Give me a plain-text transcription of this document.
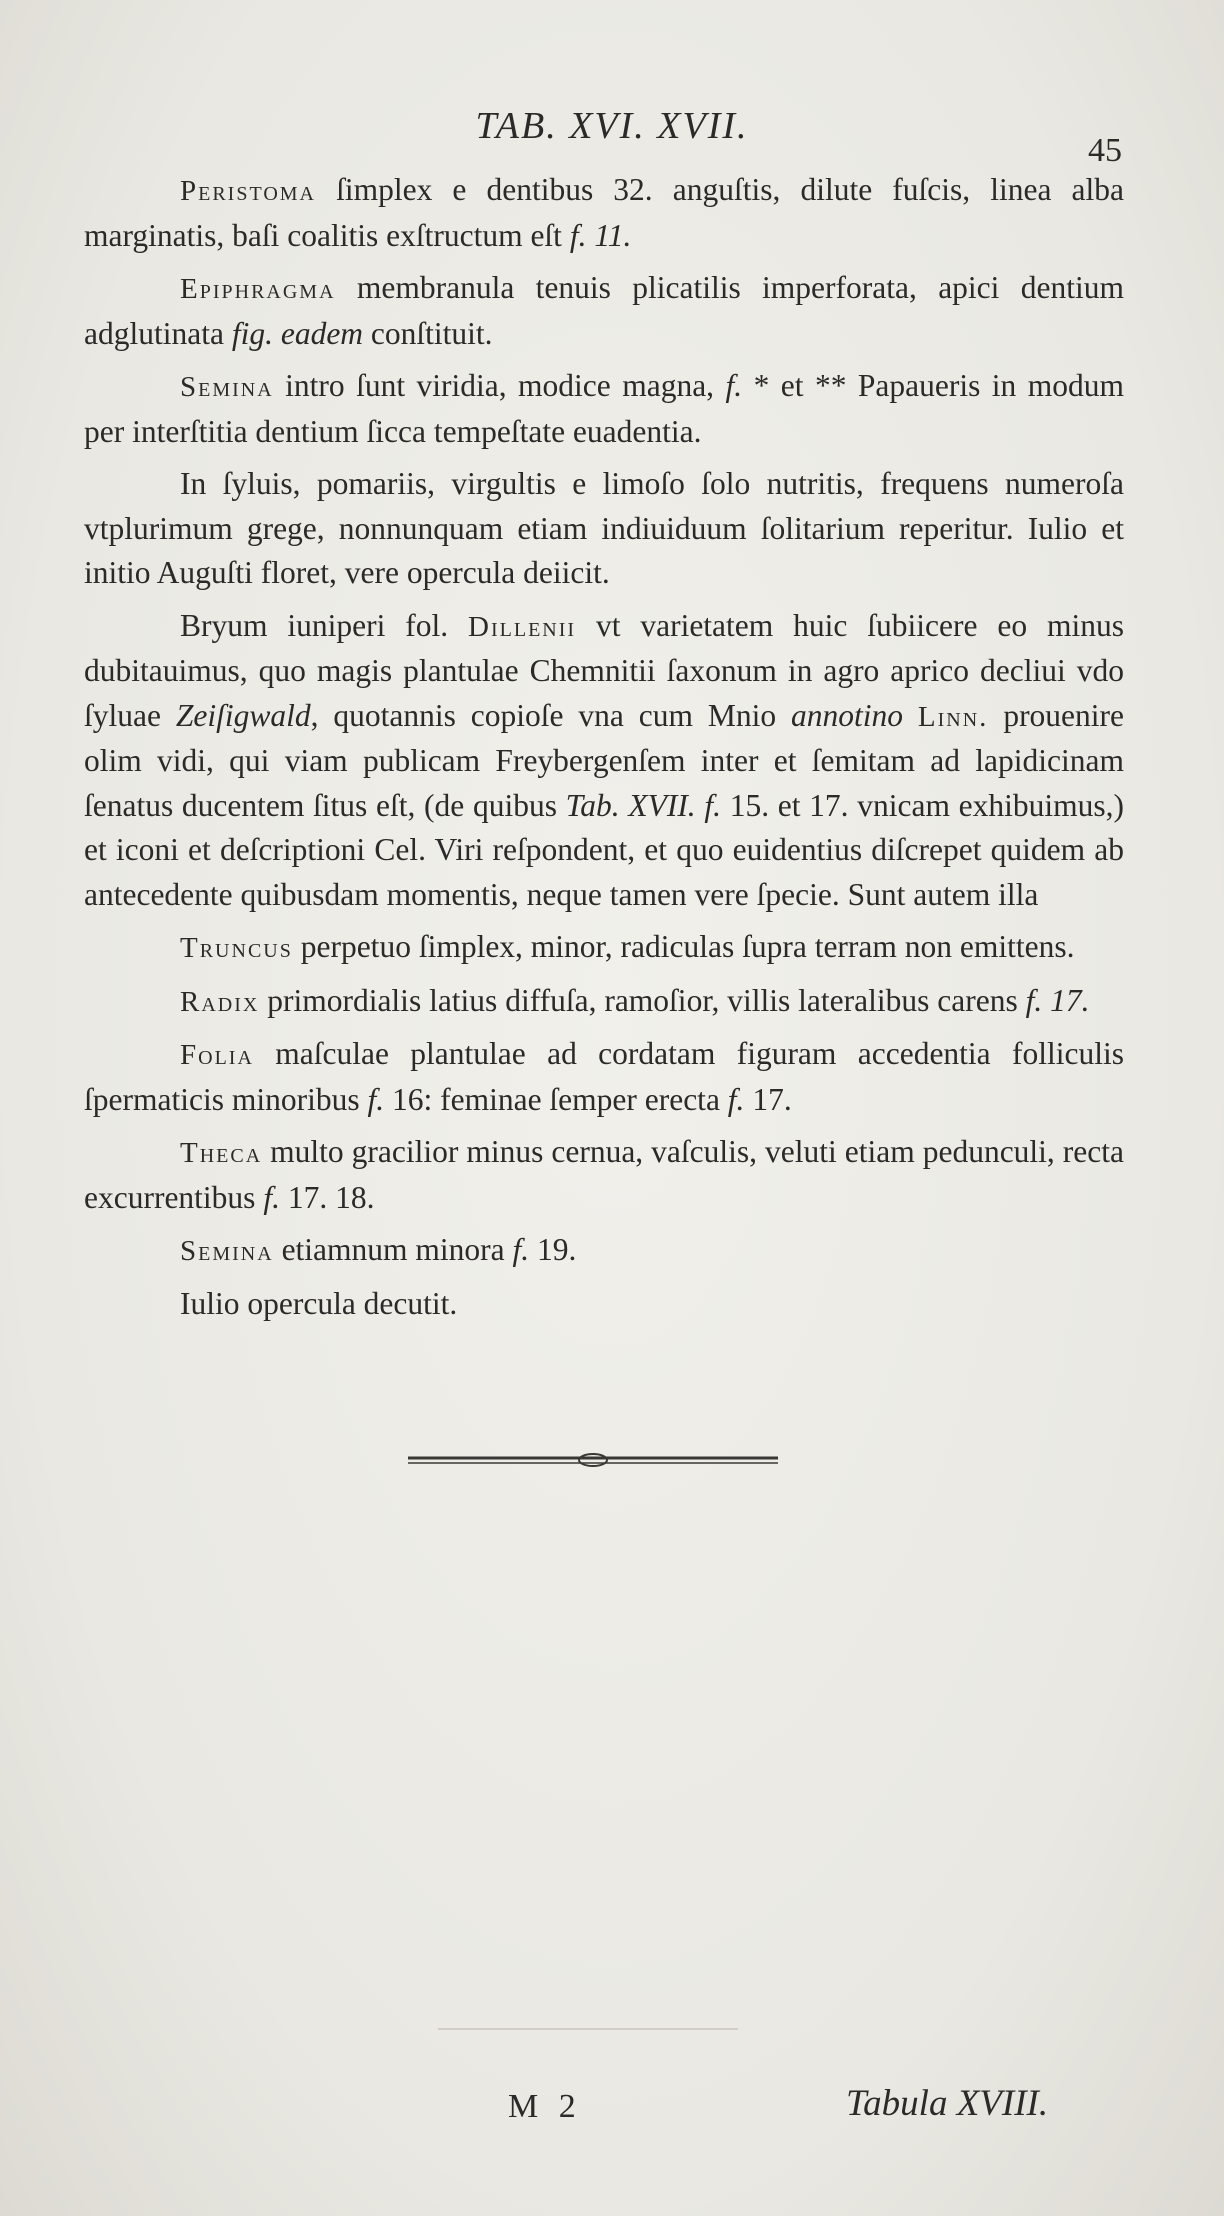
TAB. XVI. XVII.
45

Peristoma ſimplex e dentibus 32. anguſtis, dilute fuſcis, linea alba marginatis, baſi coalitis exſtructum eſt f. 11.

Epiphragma membranula tenuis plicatilis imperforata, apici dentium adglutinata fig. eadem conſtituit.

Semina intro ſunt viridia, modice magna, f. * et ** Papaueris in modum per interſtitia dentium ſicca tempeſtate euadentia.

In ſyluis, pomariis, virgultis e limoſo ſolo nutritis, frequens numeroſa vtplurimum grege, nonnunquam etiam indiuiduum ſolitarium reperitur. Iulio et initio Auguſti floret, vere opercula deiicit.

Bryum iuniperi fol. Dillenii vt varietatem huic ſubiicere eo minus dubitauimus, quo magis plantulae Chemnitii ſaxonum in agro aprico decliui vdo ſyluae Zeiſigwald, quotannis copioſe vna cum Mnio annotino Linn. prouenire olim vidi, qui viam publicam Freybergenſem inter et ſemitam ad lapidicinam ſenatus ducentem ſitus eſt, (de quibus Tab. XVII. f. 15. et 17. vnicam exhibuimus,) et iconi et deſcriptioni Cel. Viri reſpondent, et quo euidentius diſcrepet quidem ab antecedente quibusdam momentis, neque tamen vere ſpecie. Sunt autem illa

Truncus perpetuo ſimplex, minor, radiculas ſupra terram non emittens.

Radix primordialis latius diffuſa, ramoſior, villis lateralibus carens f. 17.

Folia maſculae plantulae ad cordatam figuram accedentia folliculis ſpermaticis minoribus f. 16: feminae ſemper erecta f. 17.

Theca multo gracilior minus cernua, vaſculis, veluti etiam pedunculi, recta excurrentibus f. 17. 18.

Semina etiamnum minora f. 19.

Iulio opercula decutit.

M 2	Tabula XVIII.
